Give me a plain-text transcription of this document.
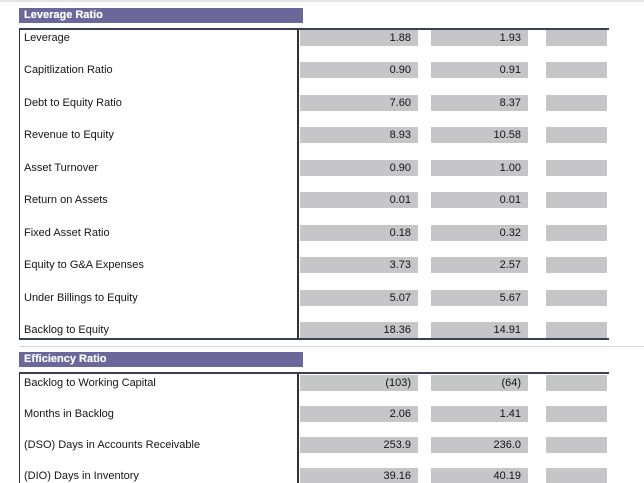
Leverage Ratio
Leverage	1.88	1.93
Capitlization Ratio	0.90	0.91
Debt to Equity Ratio	7.60	8.37
Revenue to Equity	8.93	10.58
Asset Turnover	0.90	1.00
Return on Assets	0.01	0.01
Fixed Asset Ratio	0.18	0.32
Equity to G&A Expenses	3.73	2.57
Under Billings to Equity	5.07	5.67
Backlog to Equity	18.36	14.91
Efficiency Ratio
Backlog to Working Capital	(103)	(64)
Months in Backlog	2.06	1.41
(DSO) Days in Accounts Receivable	253.9	236.0
(DIO) Days in Inventory	39.16	40.19
